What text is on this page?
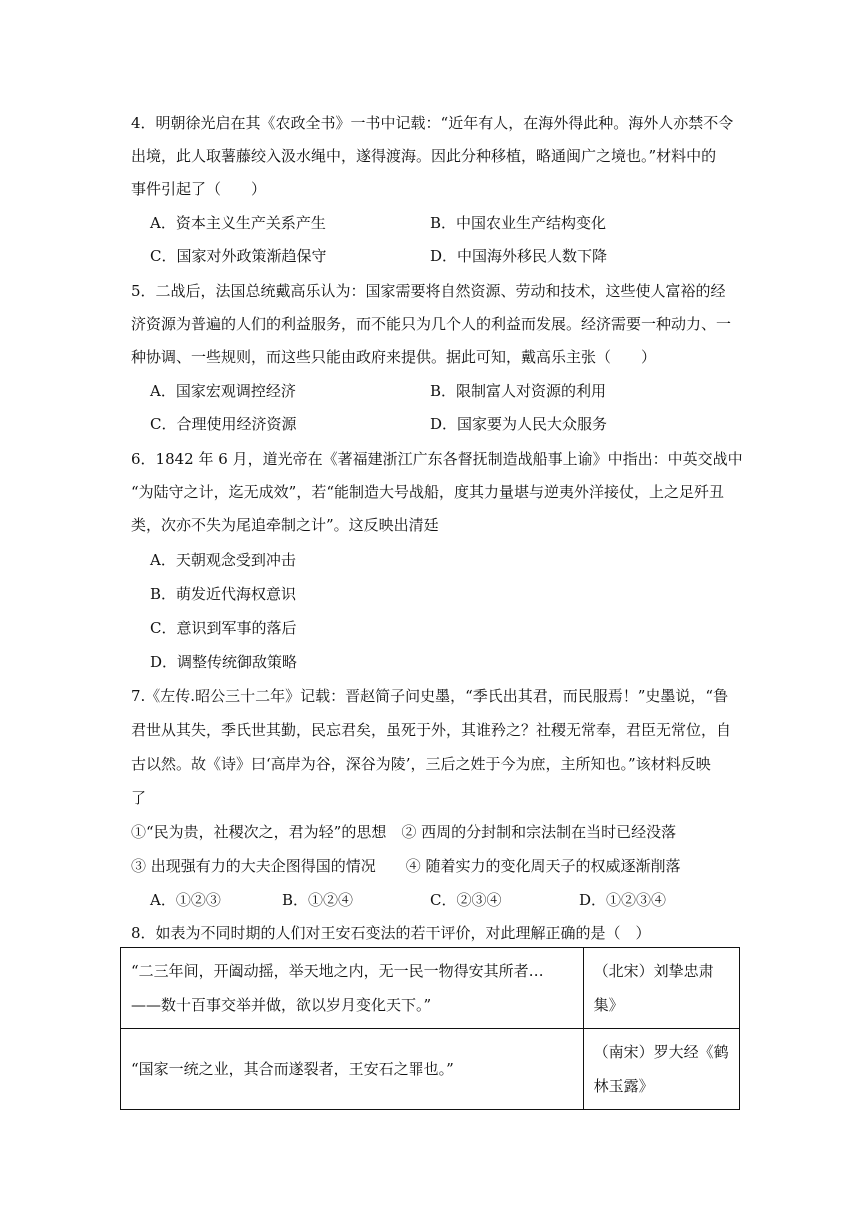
4．明朝徐光启在其《农政全书》一书中记载：“近年有人，在海外得此种。海外人亦禁不令
出境，此人取薯藤绞入汲水绳中，遂得渡海。因此分种移植，略通闽广之境也。”材料中的
事件引起了（　　）
A．资本主义生产关系产生	B．中国农业生产结构变化
C．国家对外政策渐趋保守	D．中国海外移民人数下降
5．二战后，法国总统戴高乐认为：国家需要将自然资源、劳动和技术，这些使人富裕的经
济资源为普遍的人们的利益服务，而不能只为几个人的利益而发展。经济需要一种动力、一
种协调、一些规则，而这些只能由政府来提供。据此可知，戴高乐主张（　　）
A．国家宏观调控经济	B．限制富人对资源的利用
C．合理使用经济资源	D．国家要为人民大众服务
6．1842 年 6 月，道光帝在《著福建浙江广东各督抚制造战船事上谕》中指出：中英交战中
“为陆守之计，迄无成效”，若“能制造大号战船，度其力量堪与逆夷外洋接仗，上之足歼丑
类，次亦不失为尾追牵制之计”。这反映出清廷
A．天朝观念受到冲击
B．萌发近代海权意识
C．意识到军事的落后
D．调整传统御敌策略
7.《左传.昭公三十二年》记载：晋赵简子问史墨，“季氏出其君，而民服焉！”史墨说，“鲁
君世从其失，季氏世其勤，民忘君矣，虽死于外，其谁矜之？社稷无常奉，君臣无常位，自
古以然。故《诗》曰‘高岸为谷，深谷为陵’，三后之姓于今为庶，主所知也。”该材料反映
了
①“民为贵，社稷次之，君为轻”的思想　② 西周的分封制和宗法制在当时已经没落
③ 出现强有力的大夫企图得国的情况　　④ 随着实力的变化周天子的权威逐渐削落
A．①②③	B．①②④	C．②③④	D．①②③④
8．如表为不同时期的人们对王安石变法的若干评价，对此理解正确的是（　）
“二三年间，开阖动摇，举天地之内，无一民一物得安其所者…——数十百事交举并做，欲以岁月变化天下。”	（北宋）刘挚忠肃集》
“国家一统之业，其合而遂裂者，王安石之罪也。”	（南宋）罗大经《鹤林玉露》
